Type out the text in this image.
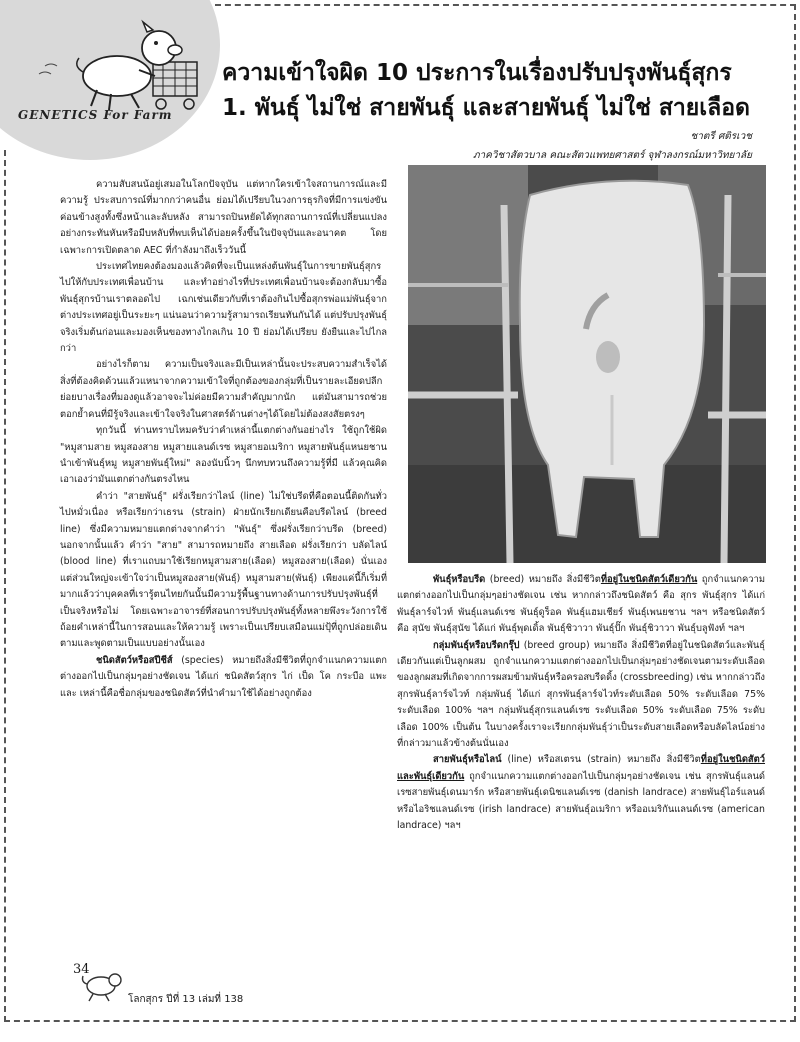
GENETICS For Farm
ความเข้าใจผิด 10 ประการในเรื่องปรับปรุงพันธุ์สุกร
1. พันธุ์ ไม่ใช่ สายพันธุ์ และสายพันธุ์ ไม่ใช่ สายเลือด
ชาตรี ศติรเวช
ภาควิชาสัตวบาล คณะสัตวแพทยศาสตร์ จุฬาลงกรณ์มหาวิทยาลัย

ความสับสนน้อยู่เสมอในโลกปัจจุบัน แต่หากใครเข้าใจสถานการณ์และมีความรู้ ประสบการณ์ที่มากกว่าคนอื่น ย่อมได้เปรียบในวงการธุรกิจที่มีการแข่งขันค่อนข้างสูงทั้งซึ่งหน้าและลับหลัง สามารถปินหยัดได้ทุกสถานการณ์ที่เปลี่ยนแปลงอย่างกระทันหันหรือมีบหลับที่พบเห็นได้บ่อยครั้งขึ้นในปัจจุบันและอนาคต โดยเฉพาะการเปิดตลาด AEC ที่กำลังมาถึงเร็ววันนี้

ประเทศไทยคงต้องมองแล้วคิดที่จะเป็นแหล่งต้นพันธุ์ในการขายพันธุ์สุกรไปให้กับประเทศเพื่อนบ้าน และทำอย่างไรที่ประเทศเพื่อนบ้านจะต้องกลับมาซื้อพันธุ์สุกรบ้านเราตลอดไป เฉกเช่นเดียวกับที่เราต้องกินไปซื้อสุกรพ่อแม่พันธุ์จากต่างประเทศอยู่เป็นระยะๆ แน่นอนว่าความรู้สามารถเรียนทันกันได้ แต่ปรับปรุงพันธุ์จริงเริ่มต้นก่อนและมองเห็นของทางไกลเกิน 10 ปี ย่อมได้เปรียบ ยังยืนและไปไกลกว่า

อย่างไรก็ตาม ความเป็นจริงและมีเป็นเหล่านั้นจะประสบความสำเร็จได้ สิ่งที่ต้องคิดด้วนแล้วแหนาจากความเข้าใจที่ถูกต้องของกลุ่มที่เป็นรายละเอียดปลีกย่อยบางเรื่องที่มองดูแล้วอาจจะไม่ค่อยมีความสำคัญมากนัก แต่มันสามารถช่วยตอกย้ำคนที่มีรู้จริงและเข้าใจจริงในศาสตร์ด้านต่างๆได้โดยไม่ต้องสงสัยตรงๆ

ทุกวันนี้ ท่านทราบไหมครับว่าคำเหล่านี้แตกต่างกันอย่างไร ใช้ถูกใช้ผิด "หมูสามสาย หมูสองสาย หมูสายแลนด์เรซ หมูสายอเมริกา หมูสายพันธุ์แหนยชาน นำเข้าพันธุ์หมู หมูสายพันธุ์ใหม่" ลองนับนิ้วๆ นึกทบทวนถึงความรู้ที่มี แล้วคุณคิดเอาเองว่ามันแตกต่างกันตรงไหน

คำว่า "สายพันธุ์" ฝรั่งเรียกว่าไลน์ (line) ไม่ใช่บรีดที่คือตอนนี้ติดกันทั่วไปหมั่วเนื่อง หรือเรียกว่าเธรน (strain) ฝ่ายนักเรียกเดียนคือบรีดไลน์ (breed line) ซึ่งมีความหมายแตกต่างจากคำว่า "พันธุ์" ซึ่งฝรั่งเรียกว่าบรีด (breed) นอกจากนั้นแล้ว คำว่า "สาย" สามารถหมายถึง สายเลือด ฝรั่งเรียกว่า บลัดไลน์ (blood line) ที่เราแถบมาใช้เรียกหมูสามสาย(เลือด) หมูสองสาย(เลือด) นั่นเอง แต่ส่วนใหญ่จะเข้าใจว่าเป็นหมูสองสาย(พันธุ์) หมูสามสาย(พันธุ์) เพียงแค่นี้ก็เริ่มที่มากแล้วว่าบุคคลที่เรารู้ตนไทยกันนั้นมีความรู้พื้นฐานทางด้านการปรับปรุงพันธุ์ที่เป็นจริงหรือไม่ โดยเฉพาะอาจารย์ที่สอนการปรับปรุงพันธุ์ทั้งหลายพึงระวังการใช้ถ้อยคำเหล่านี้ในการสอนและให้ความรู้ เพราะเป็นเปรียบเสมือนแม่ปุ้ที่ถูกปล่อยเดินตามและพูดตามเป็นแบบอย่างนั้นเอง

ชนิดสัตว์หรือสปีชีส์ (species) หมายถึงสิ่งมีชีวิตที่ถูกจำแนกความแตกต่างออกไปเป็นกลุ่มๆอย่างชัดเจน ได้แก่ ชนิดสัตว์สุกร ไก่ เป็ด โค กระบือ แพะ และ เหล่านี้คือชื่อกลุ่มของชนิดสัตว์ที่นำคำมาใช้ได้อย่างถูกต้อง

พันธุ์หรือบรีด (breed) หมายถึง สิ่งมีชีวิตที่อยู่ในชนิดสัตว์เดียวกัน ถูกจำแนกความแตกต่างออกไปเป็นกลุ่มๆอย่างชัดเจน เช่น หากกล่าวถึงชนิดสัตว์ คือ สุกร พันธุ์สุกร ได้แก่ พันธุ์ลาร์จไวท์ พันธุ์แลนด์เรซ พันธุ์ดูร็อค พันธุ์แฮมเชียร์ พันธุ์เพนยชาน ฯลฯ หรือชนิดสัตว์ คือ สุนัข พันธุ์สุนัข ได้แก่ พันธุ์พุดเดิ้ล พันธุ์ชิวาวา พันธุ์ปั๊ก พันธุ์ชิวาวา พันธุ์บลูฟังท์ ฯลฯ

กลุ่มพันธุ์หรือบรีดกรุ๊ป (breed group) หมายถึง สิ่งมีชีวิตที่อยู่ในชนิดสัตว์และพันธุ์เดียวกันแต่เป็นลูกผสม ถูกจำแนกความแตกต่างออกไปเป็นกลุ่มๆอย่างชัดเจนตามระดับเลือดของลูกผสมที่เกิดจากการผสมข้ามพันธุ์หรือครอสบรีดดิ้ง (crossbreeding) เช่น หากกล่าวถึงสุกรพันธุ์ลาร์จไวท์ กลุ่มพันธุ์ ได้แก่ สุกรพันธุ์ลาร์จไวท์ระดับเลือด 50% ระดับเลือด 75% ระดับเลือด 100% ฯลฯ กลุ่มพันธุ์สุกรแลนด์เรซ ระดับเลือด 50% ระดับเลือด 75% ระดับเลือด 100% เป็นต้น ในบางครั้งเราจะเรียกกลุ่มพันธุ์ว่าเป็นระดับสายเลือดหรือบลัดไลน์อย่างที่กล่าวมาแล้วข้างต้นนั่นเอง

สายพันธุ์หรือไลน์ (line) หรือสเตรน (strain) หมายถึง สิ่งมีชีวิตที่อยู่ในชนิดสัตว์และพันธุ์เดียวกัน ถูกจำแนกความแตกต่างออกไปเป็นกลุ่มๆอย่างชัดเจน เช่น สุกรพันธุ์แลนด์เรซสายพันธุ์เดนมาร์ก หรือสายพันธุ์เดนิชแลนด์เรซ (danish landrace) สายพันธุ์ไอร์แลนด์ หรือไอริชแลนด์เรซ (irish landrace) สายพันธุ์อเมริกา หรืออเมริกันแลนด์เรซ (american landrace) ฯลฯ

34
โลกสุกร ปีที่ 13 เล่มที่ 138
